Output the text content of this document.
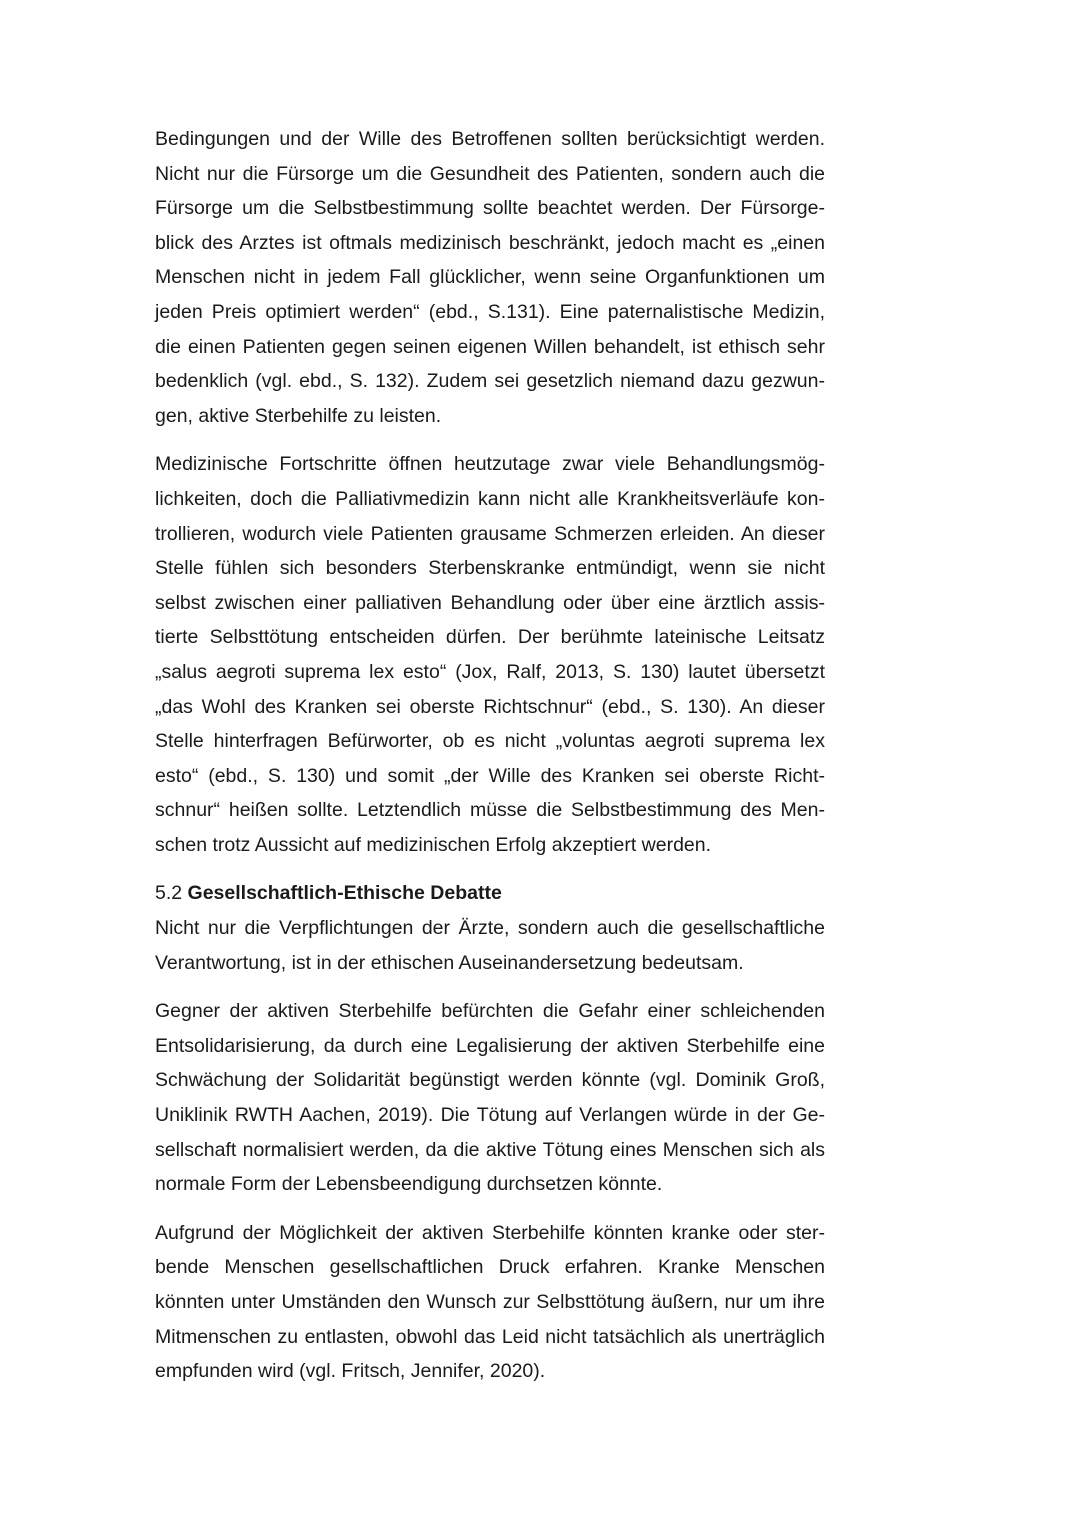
Bedingungen und der Wille des Betroffenen sollten berücksichtigt werden. Nicht nur die Fürsorge um die Gesundheit des Patienten, sondern auch die Fürsorge um die Selbstbestimmung sollte beachtet werden. Der Fürsorgeblick des Arztes ist oftmals medizinisch beschränkt, jedoch macht es „einen Menschen nicht in jedem Fall glücklicher, wenn seine Organfunktionen um jeden Preis optimiert werden“ (ebd., S.131). Eine paternalistische Medizin, die einen Patienten gegen seinen eigenen Willen behandelt, ist ethisch sehr bedenklich (vgl. ebd., S. 132). Zudem sei gesetzlich niemand dazu gezwungen, aktive Sterbehilfe zu leisten.

Medizinische Fortschritte öffnen heutzutage zwar viele Behandlungsmöglichkeiten, doch die Palliativmedizin kann nicht alle Krankheitsverläufe kontrollieren, wodurch viele Patienten grausame Schmerzen erleiden. An dieser Stelle fühlen sich besonders Sterbenskranke entmündigt, wenn sie nicht selbst zwischen einer palliativen Behandlung oder über eine ärztlich assistierte Selbsttötung entscheiden dürfen. Der berühmte lateinische Leitsatz „salus aegroti suprema lex esto“ (Jox, Ralf, 2013, S. 130) lautet übersetzt „das Wohl des Kranken sei oberste Richtschnur“ (ebd., S. 130). An dieser Stelle hinterfragen Befürworter, ob es nicht „voluntas aegroti suprema lex esto“ (ebd., S. 130) und somit „der Wille des Kranken sei oberste Richtschnur“ heißen sollte. Letztendlich müsse die Selbstbestimmung des Menschen trotz Aussicht auf medizinischen Erfolg akzeptiert werden.

5.2 Gesellschaftlich-Ethische Debatte

Nicht nur die Verpflichtungen der Ärzte, sondern auch die gesellschaftliche Verantwortung, ist in der ethischen Auseinandersetzung bedeutsam.

Gegner der aktiven Sterbehilfe befürchten die Gefahr einer schleichenden Entsolidarisierung, da durch eine Legalisierung der aktiven Sterbehilfe eine Schwächung der Solidarität begünstigt werden könnte (vgl. Dominik Groß, Uniklinik RWTH Aachen, 2019). Die Tötung auf Verlangen würde in der Gesellschaft normalisiert werden, da die aktive Tötung eines Menschen sich als normale Form der Lebensbeendigung durchsetzen könnte.

Aufgrund der Möglichkeit der aktiven Sterbehilfe könnten kranke oder sterbende Menschen gesellschaftlichen Druck erfahren. Kranke Menschen könnten unter Umständen den Wunsch zur Selbsttötung äußern, nur um ihre Mitmenschen zu entlasten, obwohl das Leid nicht tatsächlich als unerträglich empfunden wird (vgl. Fritsch, Jennifer, 2020).
